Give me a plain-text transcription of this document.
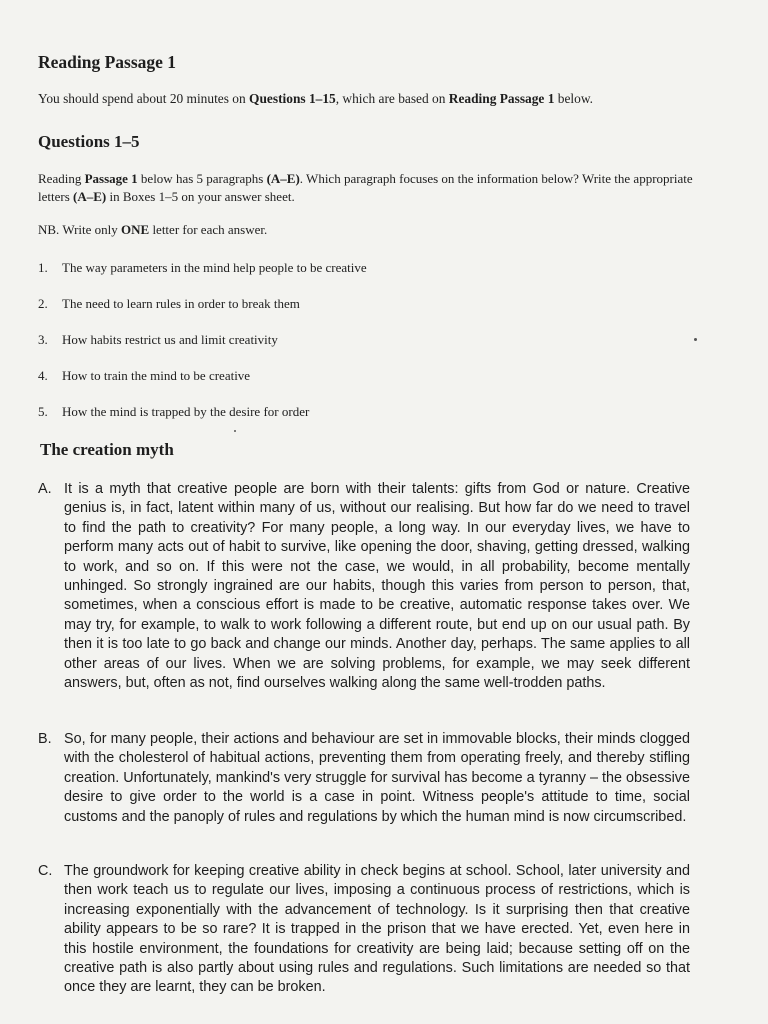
Reading Passage 1

You should spend about 20 minutes on Questions 1–15, which are based on Reading Passage 1 below.

Questions 1–5

Reading Passage 1 below has 5 paragraphs (A–E). Which paragraph focuses on the information below? Write the appropriate letters (A–E) in Boxes 1–5 on your answer sheet.

NB. Write only ONE letter for each answer.

1.	The way parameters in the mind help people to be creative
2.	The need to learn rules in order to break them
3.	How habits restrict us and limit creativity
4.	How to train the mind to be creative
5.	How the mind is trapped by the desire for order
The creation myth
A. It is a myth that creative people are born with their talents: gifts from God or nature. Creative genius is, in fact, latent within many of us, without our realising. But how far do we need to travel to find the path to creativity? For many people, a long way. In our everyday lives, we have to perform many acts out of habit to survive, like opening the door, shaving, getting dressed, walking to work, and so on. If this were not the case, we would, in all probability, become mentally unhinged. So strongly ingrained are our habits, though this varies from person to person, that, sometimes, when a conscious effort is made to be creative, automatic response takes over. We may try, for example, to walk to work following a different route, but end up on our usual path. By then it is too late to go back and change our minds. Another day, perhaps. The same applies to all other areas of our lives. When we are solving problems, for example, we may seek different answers, but, often as not, find ourselves walking along the same well-trodden paths.
B. So, for many people, their actions and behaviour are set in immovable blocks, their minds clogged with the cholesterol of habitual actions, preventing them from operating freely, and thereby stifling creation. Unfortunately, mankind's very struggle for survival has become a tyranny – the obsessive desire to give order to the world is a case in point. Witness people's attitude to time, social customs and the panoply of rules and regulations by which the human mind is now circumscribed.
C. The groundwork for keeping creative ability in check begins at school. School, later university and then work teach us to regulate our lives, imposing a continuous process of restrictions, which is increasing exponentially with the advancement of technology. Is it surprising then that creative ability appears to be so rare? It is trapped in the prison that we have erected. Yet, even here in this hostile environment, the foundations for creativity are being laid; because setting off on the creative path is also partly about using rules and regulations. Such limitations are needed so that once they are learnt, they can be broken.
